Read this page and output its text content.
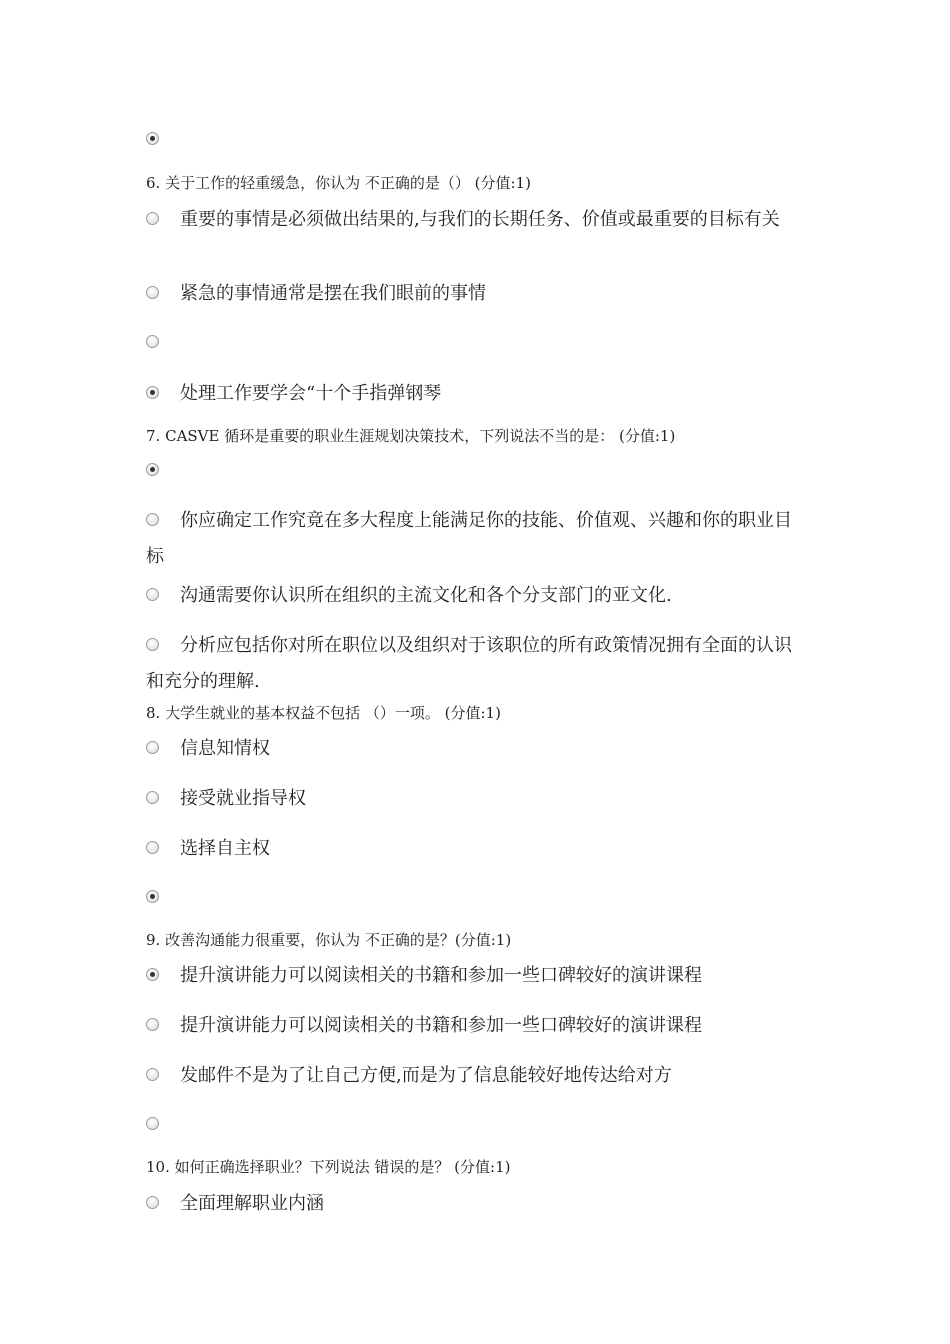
6. 关于工作的轻重缓急，你认为 不正确的是（） (分值:1)
重要的事情是必须做出结果的,与我们的长期任务、价值或最重要的目标有关
紧急的事情通常是摆在我们眼前的事情
处理工作要学会“十个手指弹钢琴
7. CASVE 循环是重要的职业生涯规划决策技术，下列说法不当的是： (分值:1)
你应确定工作究竟在多大程度上能满足你的技能、价值观、兴趣和你的职业目标
沟通需要你认识所在组织的主流文化和各个分支部门的亚文化.
分析应包括你对所在职位以及组织对于该职位的所有政策情况拥有全面的认识和充分的理解.
8. 大学生就业的基本权益不包括 （）一项。 (分值:1)
信息知情权
接受就业指导权
选择自主权
9. 改善沟通能力很重要，你认为 不正确的是？(分值:1)
提升演讲能力可以阅读相关的书籍和参加一些口碑较好的演讲课程
提升演讲能力可以阅读相关的书籍和参加一些口碑较好的演讲课程
发邮件不是为了让自己方便,而是为了信息能较好地传达给对方
10. 如何正确选择职业？下列说法 错误的是？ (分值:1)
全面理解职业内涵
